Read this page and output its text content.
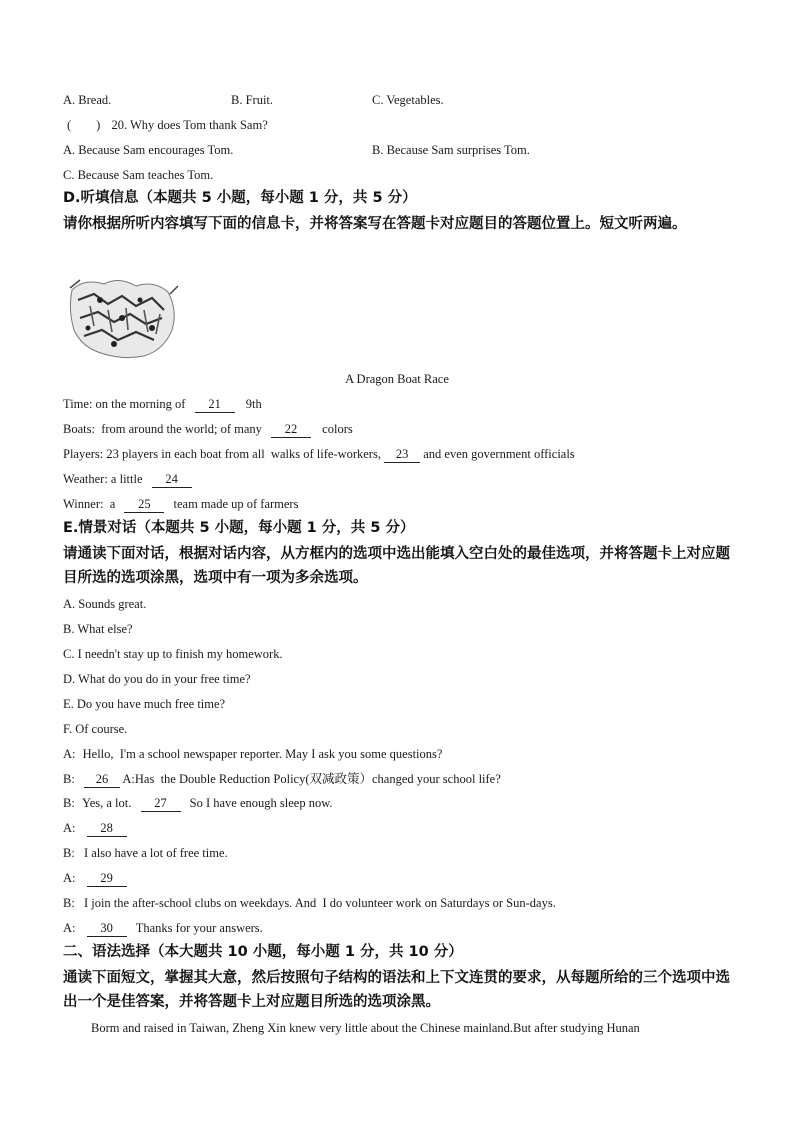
A. Bread.	B. Fruit.	C. Vegetables.
(        ) 20. Why does Tom thank Sam?
A. Because Sam encourages Tom.	B. Because Sam surprises Tom.
C. Because Sam teaches Tom.
D.听填信息（本题共 5 小题，每小题 1 分，共 5 分）
请你根据所听内容填写下面的信息卡，并将答案写在答题卡对应题目的答题位置上。短文听两遍。
A Dragon Boat Race
Time: on the morning of 21 9th
Boats:  from around the world; of many 22 colors
Players: 23 players in each boat from all  walks of life-workers, 23 and even government officials
Weather: a little 24
Winner:  a 25 team made up of farmers
E.情景对话（本题共 5 小题，每小题 1 分，共 5 分）
请通读下面对话，根据对话内容，从方框内的选项中选出能填入空白处的最佳选项，并将答题卡上对应题目所选的选项涂黑，选项中有一项为多余选项。
A. Sounds great.
B. What else?
C. I needn't stay up to finish my homework.
D. What do you do in your free time?
E. Do you have much free time?
F. Of course.
A: Hello,  I'm a school newspaper reporter. May I ask you some questions?
B: 26 A:Has  the Double Reduction Policy(双减政策）changed your school life?
B: Yes, a lot. 27 So I have enough sleep now.
A: 28
B: I also have a lot of free time.
A: 29
B: I join the after-school clubs on weekdays. And  I do volunteer work on Saturdays or Sun-days.
A: 30 Thanks for your answers.
二、语法选择（本大题共 10 小题，每小题 1 分，共 10 分）
通读下面短文，掌握其大意，然后按照句子结构的语法和上下文连贯的要求，从每题所给的三个选项中选出一个是佳答案，并将答题卡上对应题目所选的选项涂黑。
Borm and raised in Taiwan, Zheng Xin knew very little about the Chinese mainland.But after studying Hunan
